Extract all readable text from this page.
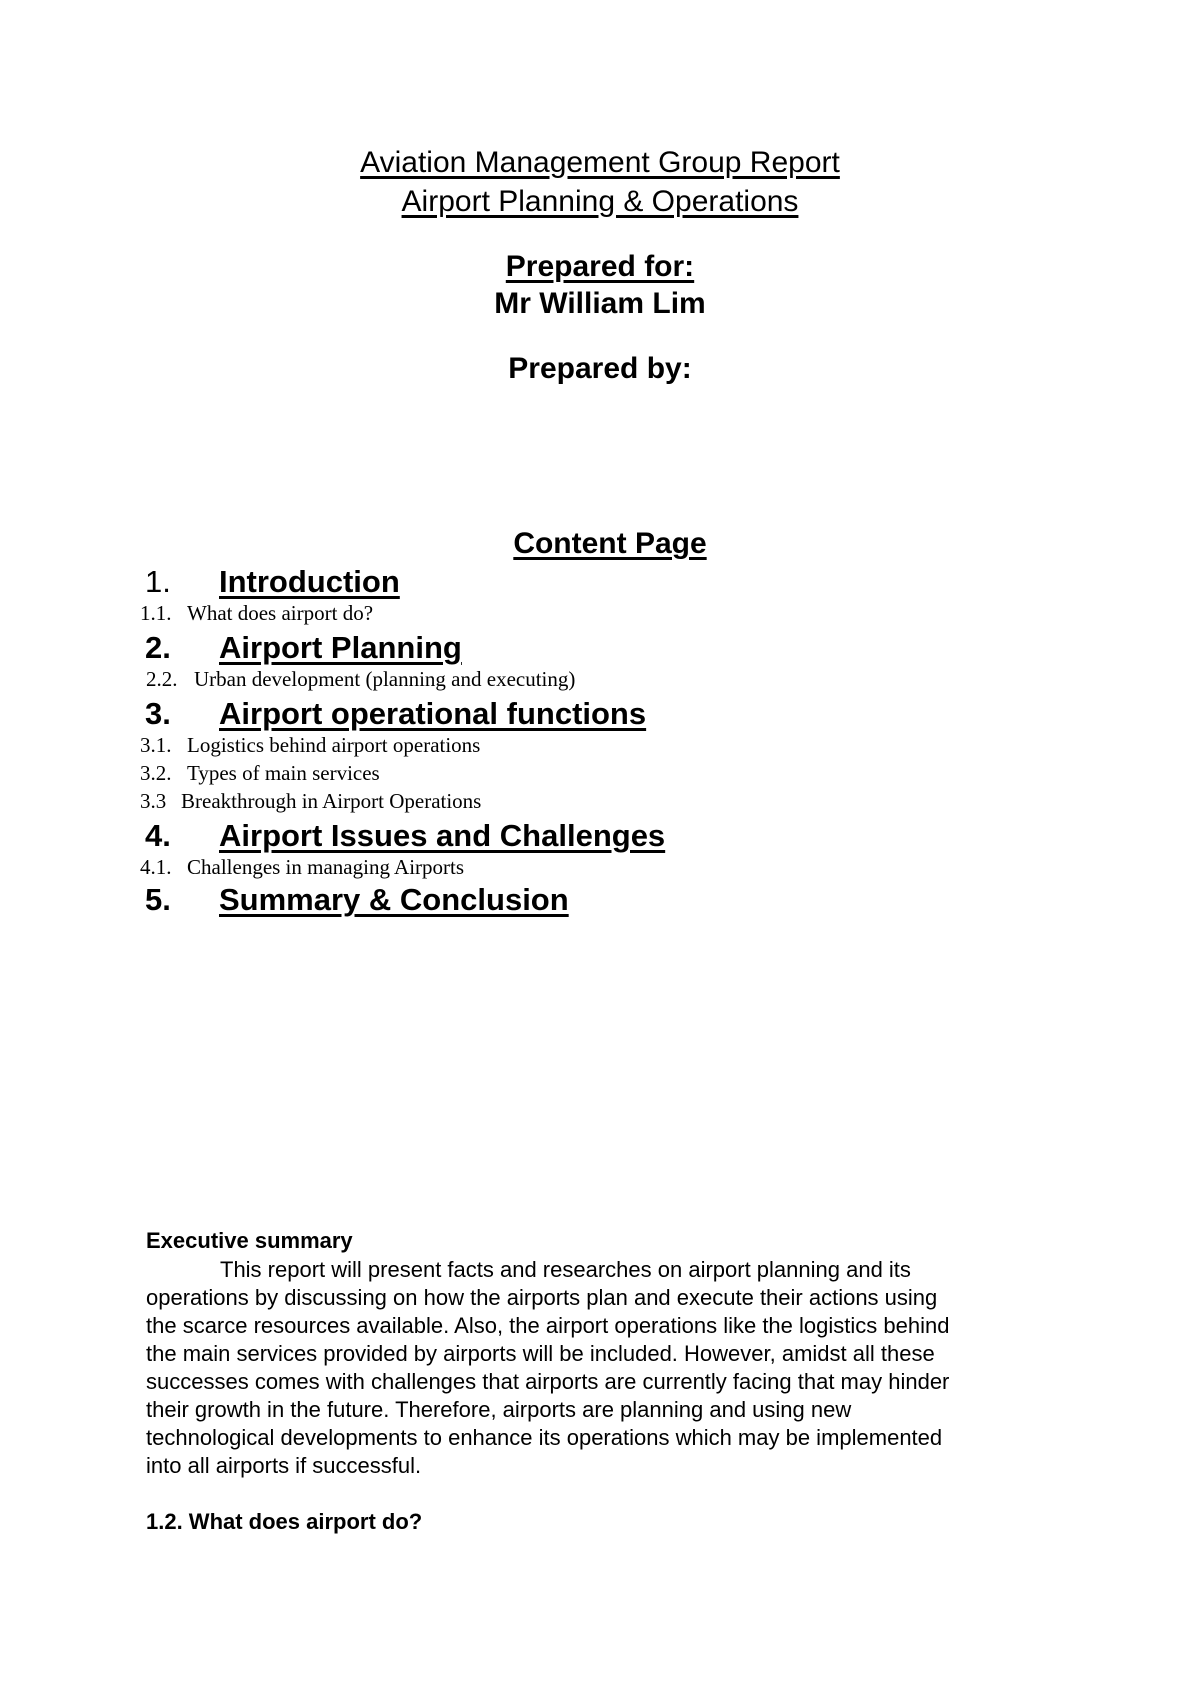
Aviation Management Group Report
Airport Planning & Operations
Prepared for:
Mr William Lim
Prepared by:
Content Page
1. Introduction
1.1. What does airport do?
2. Airport Planning
2.2. Urban development (planning and executing)
3. Airport operational functions
3.1. Logistics behind airport operations
3.2. Types of main services
3.3 Breakthrough in Airport Operations
4. Airport Issues and Challenges
4.1. Challenges in managing Airports
5. Summary & Conclusion
Executive summary
This report will present facts and researches on airport planning and its
operations by discussing on how the airports plan and execute their actions using
the scarce resources available. Also, the airport operations like the logistics behind
the main services provided by airports will be included. However, amidst all these
successes comes with challenges that airports are currently facing that may hinder
their growth in the future. Therefore, airports are planning and using new
technological developments to enhance its operations which may be implemented
into all airports if successful.
1.2. What does airport do?
